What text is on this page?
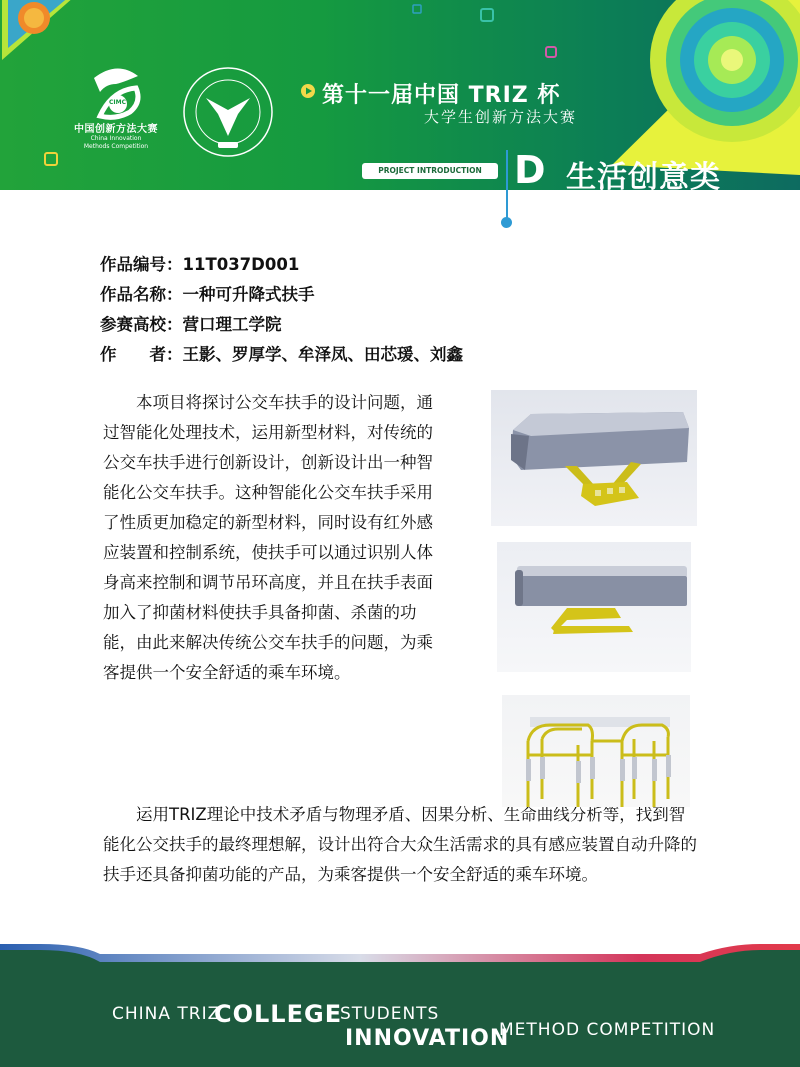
CIMC
中国创新方法大赛
China Innovation
Methods Competition
第十一届中国 TRIZ 杯
大学生创新方法大赛
PROJECT INTRODUCTION D 生活创意类
作品编号：11T037D001
作品名称：一种可升降式扶手
参赛高校：营口理工学院
作　　者：王影、罗厚学、牟泽凤、田芯瑗、刘鑫

本项目将探讨公交车扶手的设计问题，通过智能化处理技术，运用新型材料，对传统的公交车扶手进行创新设计，创新设计出一种智能化公交车扶手。这种智能化公交车扶手采用了性质更加稳定的新型材料，同时设有红外感应装置和控制系统，使扶手可以通过识别人体身高来控制和调节吊环高度，并且在扶手表面加入了抑菌材料使扶手具备抑菌、杀菌的功能，由此来解决传统公交车扶手的问题，为乘客提供一个安全舒适的乘车环境。

运用TRIZ理论中技术矛盾与物理矛盾、因果分析、生命曲线分析等，找到智能化公交扶手的最终理想解，设计出符合大众生活需求的具有感应装置自动升降的扶手还具备抑菌功能的产品，为乘客提供一个安全舒适的乘车环境。

CHINA TRIZ
COLLEGE
STUDENTS
INNOVATION
METHOD COMPETITION
